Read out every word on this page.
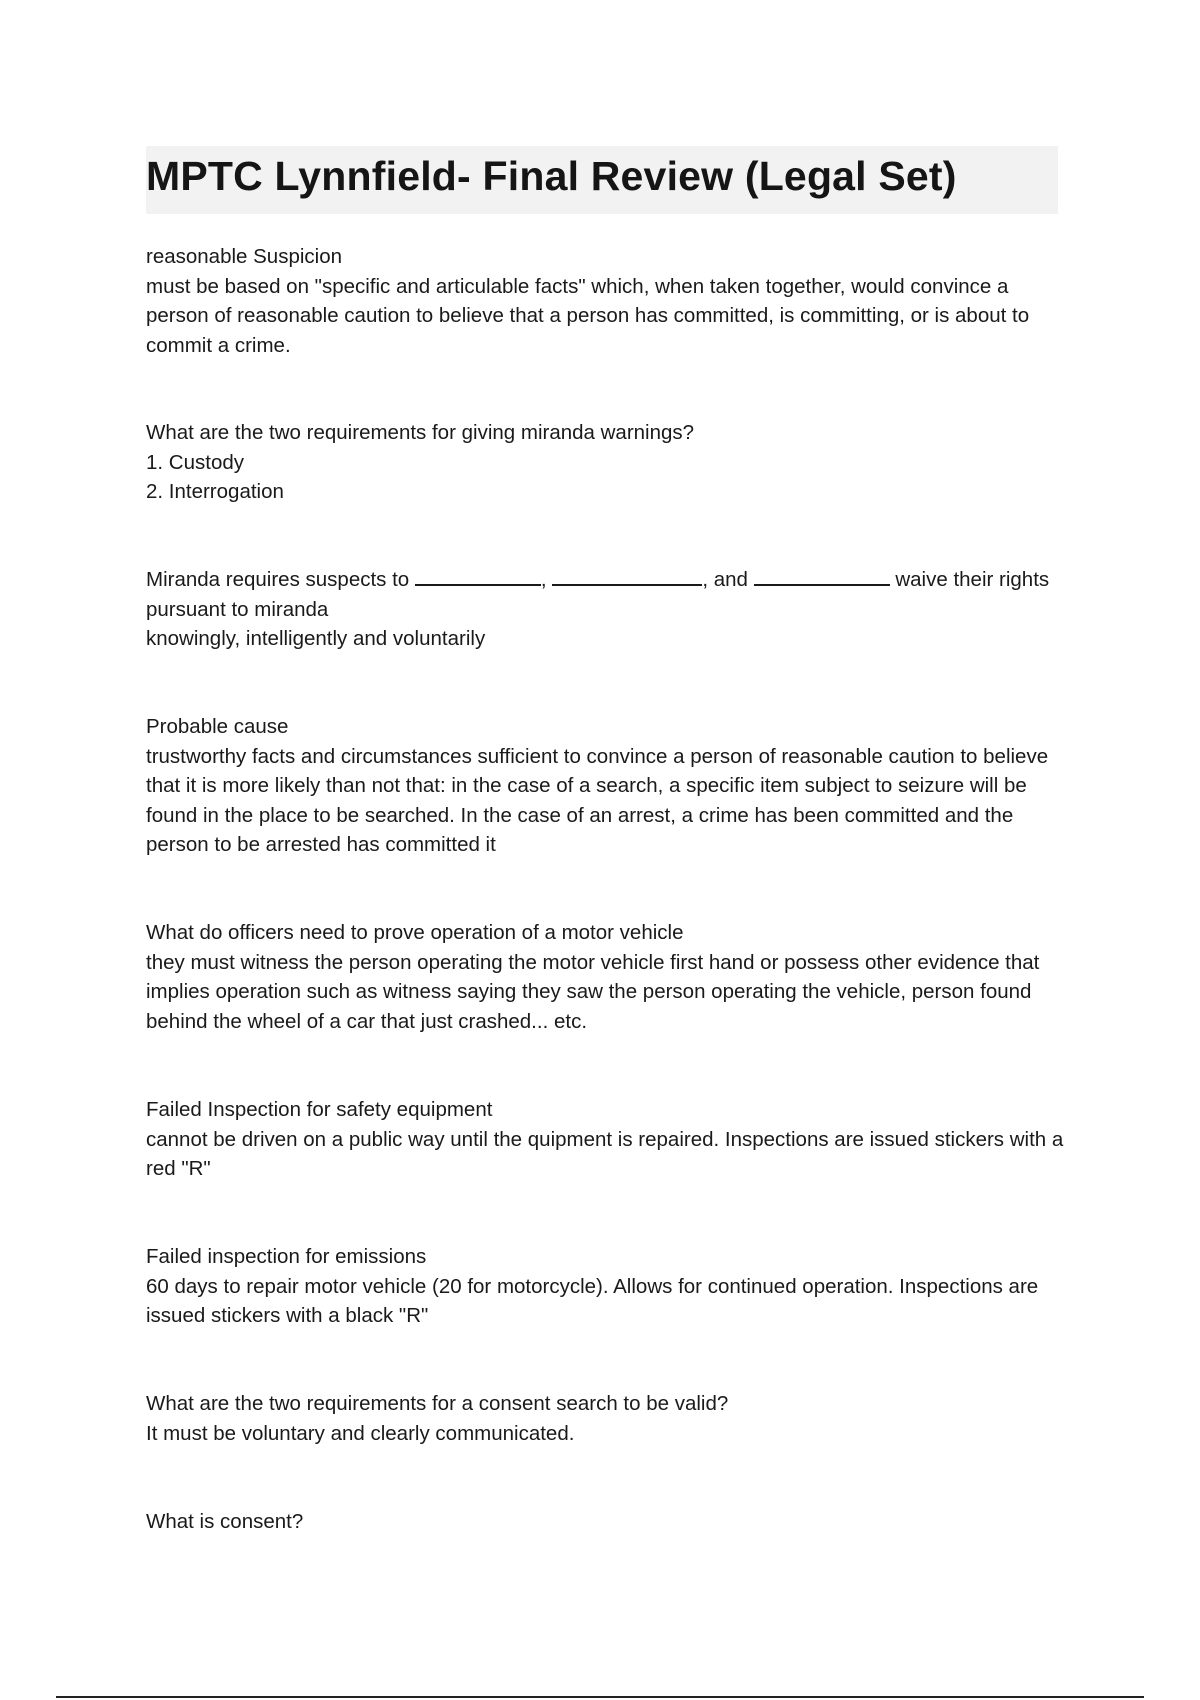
MPTC Lynnfield- Final Review (Legal Set)
reasonable Suspicion
must be based on "specific and articulable facts" which, when taken together, would convince a person of reasonable caution to believe that a person has committed, is committing, or is about to commit a crime.
What are the two requirements for giving miranda warnings?
1. Custody
2. Interrogation
Miranda requires suspects to	,	, and	waive their rights pursuant to miranda
knowingly, intelligently and voluntarily
Probable cause
trustworthy facts and circumstances sufficient to convince a person of reasonable caution to believe that it is more likely than not that: in the case of a search, a specific item subject to seizure will be found in the place to be searched. In the case of an arrest, a crime has been committed and the person to be arrested has committed it
What do officers need to prove operation of a motor vehicle
they must witness the person operating the motor vehicle first hand or possess other evidence that implies operation such as witness saying they saw the person operating the vehicle, person found behind the wheel of a car that just crashed... etc.
Failed Inspection for safety equipment
cannot be driven on a public way until the quipment is repaired. Inspections are issued stickers with a red "R"
Failed inspection for emissions
60 days to repair motor vehicle (20 for motorcycle). Allows for continued operation. Inspections are issued stickers with a black "R"
What are the two requirements for a consent search to be valid?
It must be voluntary and clearly communicated.
What is consent?
